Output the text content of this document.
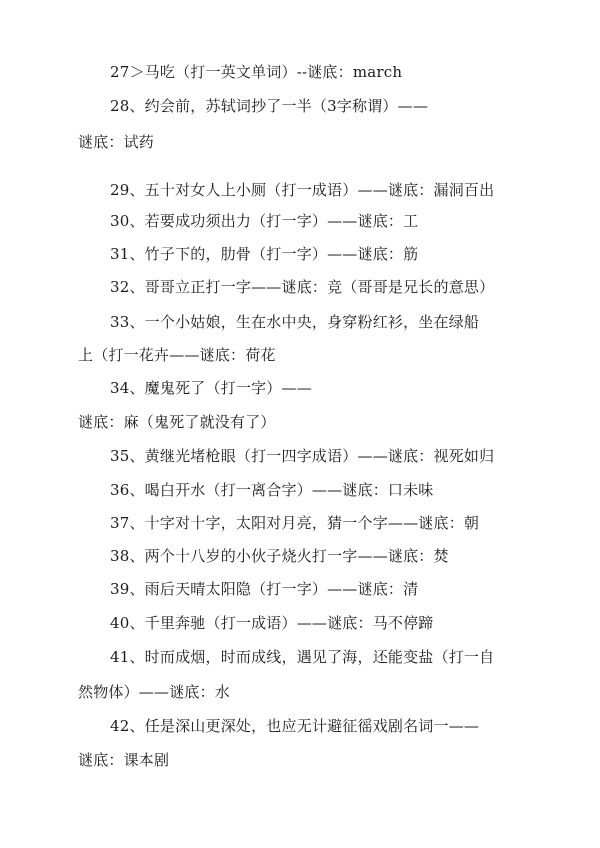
27＞马吃（打一英文单词）--谜底：march
28、约会前，苏轼词抄了一半（3字称谓）——
谜底：试药
29、五十对女人上小厕（打一成语）——谜底：漏洞百出
30、若要成功须出力（打一字）——谜底：工
31、竹子下的，肋骨（打一字）——谜底：筋
32、哥哥立正打一字——谜底：竞（哥哥是兄长的意思）
33、一个小姑娘，生在水中央，身穿粉红衫，坐在绿船
上（打一花卉——谜底：荷花
34、魔鬼死了（打一字）——
谜底：麻（鬼死了就没有了）
35、黄继光堵枪眼（打一四字成语）——谜底：视死如归
36、喝白开水（打一离合字）——谜底：口未味
37、十字对十字，太阳对月亮，猜一个字——谜底：朝
38、两个十八岁的小伙子烧火打一字——谜底：焚
39、雨后天晴太阳隐（打一字）——谜底：清
40、千里奔驰（打一成语）——谜底：马不停蹄
41、时而成烟，时而成线，遇见了海，还能变盐（打一自
然物体）——谜底：水
42、任是深山更深处，也应无计避征徭戏剧名词一——
谜底：课本剧
